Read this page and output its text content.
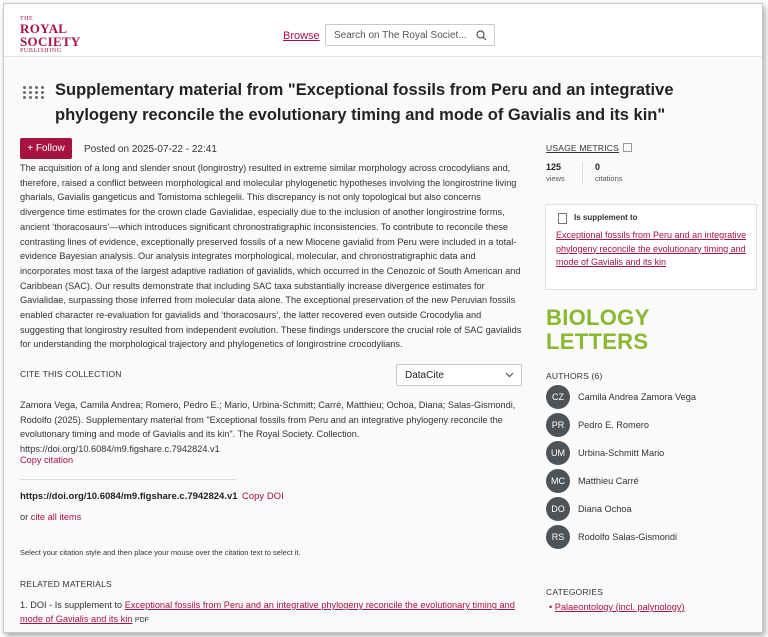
THE
ROYAL
SOCIETY
PUBLISHING
Browse Search on The Royal Societ...
Supplementary material from "Exceptional fossils from Peru and an integrative phylogeny reconcile the evolutionary timing and mode of Gavialis and its kin"
+ Follow	Posted on 2025-07-22 - 22:41
The acquisition of a long and slender snout (longirostry) resulted in extreme similar morphology across crocodylians and, therefore, raised a conflict between morphological and molecular phylogenetic hypotheses involving the longirostrine living gharials, Gavialis gangeticus and Tomistoma schlegelii. This discrepancy is not only topological but also concerns divergence time estimates for the crown clade Gavialidae, especially due to the inclusion of another longirostrine forms, ancient ‘thoracosaurs’—which introduces significant chronostratigraphic inconsistencies. To contribute to reconcile these contrasting lines of evidence, exceptionally preserved fossils of a new Miocene gavialid from Peru were included in a total-evidence Bayesian analysis. Our analysis integrates morphological, molecular, and chronostratigraphic data and incorporates most taxa of the largest adaptive radiation of gavialids, which occurred in the Cenozoic of South American and Caribbean (SAC). Our results demonstrate that including SAC taxa substantially increase divergence estimates for Gavialidae, surpassing those inferred from molecular data alone. The exceptional preservation of the new Peruvian fossils enabled character re-evaluation for gavialids and ‘thoracosaurs’, the latter recovered even outside Crocodylia and suggesting that longirostry resulted from independent evolution. These findings underscore the crucial role of SAC gavialids for understanding the morphological trajectory and phylogenetics of longirostrine crocodylians.
CITE THIS COLLECTION	DataCite
Zamora Vega, Camila Andrea; Romero, Pedro E.; Mario, Urbina-Schmitt; Carré, Matthieu; Ochoa, Diana; Salas-Gismondi, Rodolfo (2025). Supplementary material from "Exceptional fossils from Peru and an integrative phylogeny reconcile the evolutionary timing and mode of Gavialis and its kin". The Royal Society. Collection. https://doi.org/10.6084/m9.figshare.c.7942824.v1
Copy citation
https://doi.org/10.6084/m9.figshare.c.7942824.v1 Copy DOI
or cite all items
Select your citation style and then place your mouse over the citation text to select it.
RELATED MATERIALS
1. DOI - Is supplement to Exceptional fossils from Peru and an integrative phylogeny reconcile the evolutionary timing and mode of Gavialis and its kin PDF
USAGE METRICS
125
views
0
citations
Is supplement to
Exceptional fossils from Peru and an integrative phylogeny reconcile the evolutionary timing and mode of Gavialis and its kin
BIOLOGY
LETTERS
AUTHORS (6)
CZ	Camila Andrea Zamora Vega
PR	Pedro E. Romero
UM	Urbina-Schmitt Mario
MC	Matthieu Carré
DO	Diana Ochoa
RS	Rodolfo Salas-Gismondi
CATEGORIES
• Palaeontology (incl. palynology)
